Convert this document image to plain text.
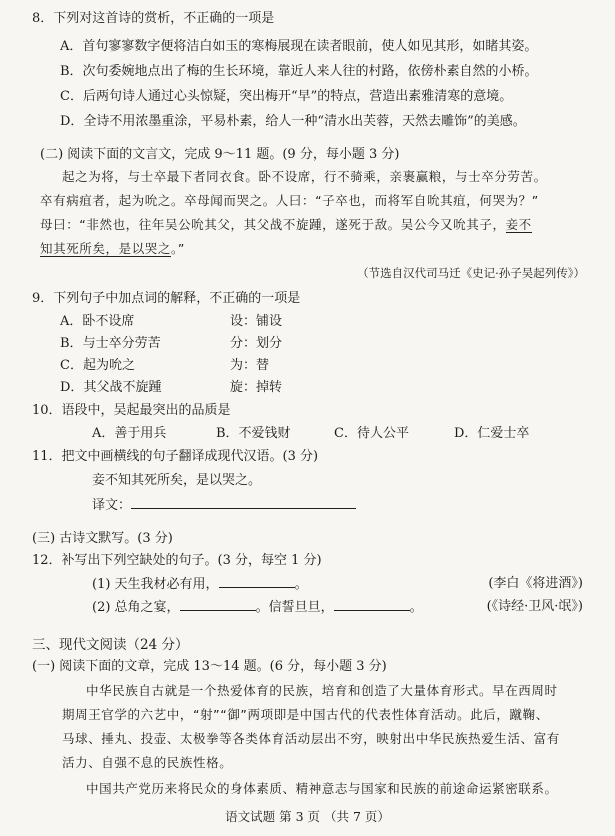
8．下列对这首诗的赏析，不正确的一项是
A．首句寥寥数字便将洁白如玉的寒梅展现在读者眼前，使人如见其形，如睹其姿。
B．次句委婉地点出了梅的生长环境，靠近人来人往的村路，依傍朴素自然的小桥。
C．后两句诗人通过心头惊疑，突出梅开“早”的特点，营造出素雅清寒的意境。
D．全诗不用浓墨重涂，平易朴素，给人一种“清水出芙蓉，天然去雕饰”的美感。
(二) 阅读下面的文言文，完成 9～11 题。(9 分，每小题 3 分)
起之为将，与士卒最下者同衣食。卧不设席，行不骑乘，亲裹赢粮，与士卒分劳苦。
卒有病疽者，起为吮之。卒母闻而哭之。人曰：“子卒也，而将军自吮其疽，何哭为？”
母曰：“非然也，往年吴公吮其父，其父战不旋踵，遂死于敌。吴公今又吮其子，妾不
知其死所矣，是以哭之。”
（节选自汉代司马迁《史记·孙子吴起列传》）
9．下列句子中加点词的解释，不正确的一项是
A．卧不设席	设：铺设
B．与士卒分劳苦	分：划分
C．起为吮之	为：替
D．其父战不旋踵	旋：掉转
10．语段中，吴起最突出的品质是
A．善于用兵	B．不爱钱财	C．待人公平	D．仁爱士卒
11．把文中画横线的句子翻译成现代汉语。(3 分)
妾不知其死所矣，是以哭之。
译文：
(三) 古诗文默写。(3 分)
12．补写出下列空缺处的句子。(3 分，每空 1 分)
(1) 天生我材必有用，	。	(李白《将进酒》)
(2) 总角之宴，	。信誓旦旦，	。	(《诗经·卫风·氓》)
三、现代文阅读（24 分）
(一) 阅读下面的文章，完成 13～14 题。(6 分，每小题 3 分)
中华民族自古就是一个热爱体育的民族，培育和创造了大量体育形式。早在西周时
期周王官学的六艺中，“射”“御”两项即是中国古代的代表性体育活动。此后，蹴鞠、
马球、捶丸、投壶、太极拳等各类体育活动层出不穷，映射出中华民族热爱生活、富有
活力、自强不息的民族性格。
中国共产党历来将民众的身体素质、精神意志与国家和民族的前途命运紧密联系。
语文试题 第 3 页 （共 7 页）
